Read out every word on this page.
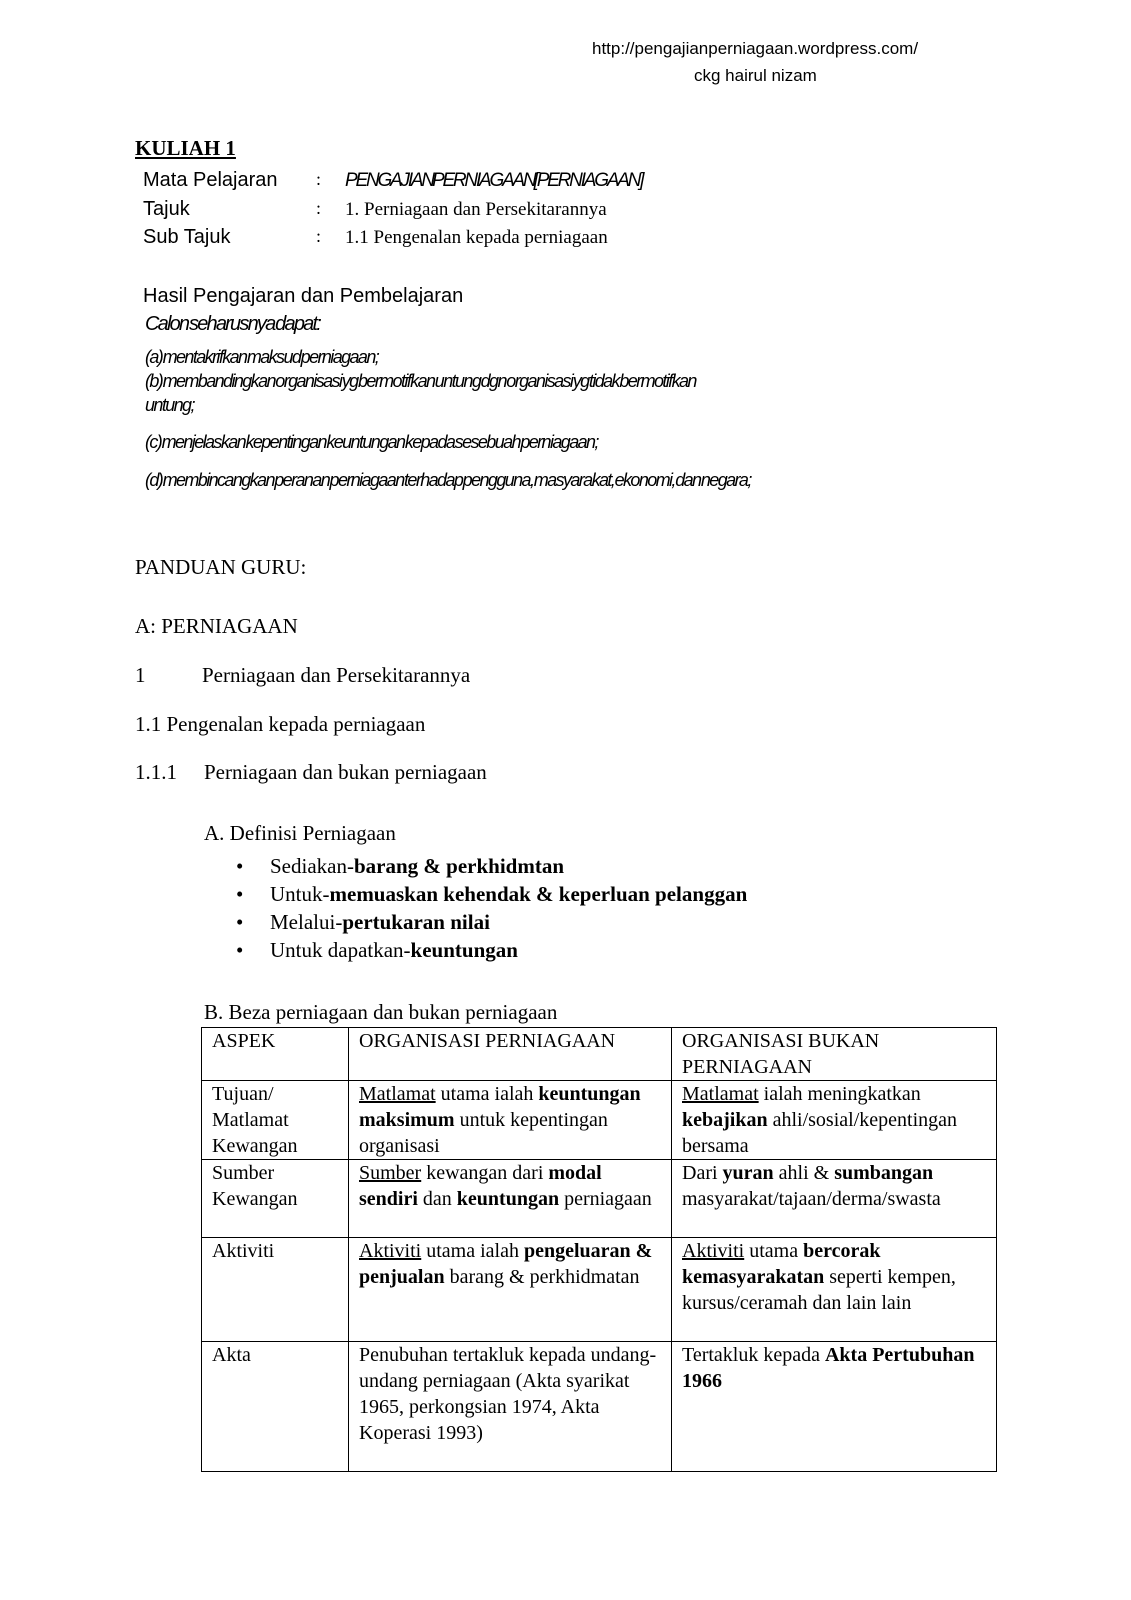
http://pengajianperniagaan.wordpress.com/
ckg hairul nizam
KULIAH 1
Mata Pelajaran : PENGAJIAN PERNIAGAAN [PERNIAGAAN]
Tajuk	: 1. Perniagaan dan Persekitarannya
Sub Tajuk	: 1.1 Pengenalan kepada perniagaan
Hasil Pengajaran dan Pembelajaran
Calon seharusnya dapat:
(a) mentakrifkan maksud perniagaan;
(b) membandingkan organisasi yg bermotifkan untung dgn organisasi yg tidak bermotifkan
untung;
(c) menjelaskan kepentingan keuntungan kepada sesebuah perniagaan;
(d) membincangkan peranan perniagaan terhadap pengguna, masyarakat, ekonomi, dan negara;
PANDUAN GURU:
A: PERNIAGAAN
1	Perniagaan dan Persekitarannya
1.1 Pengenalan kepada perniagaan
1.1.1 Perniagaan dan bukan perniagaan
A. Definisi Perniagaan
• Sediakan-barang & perkhidmtan
• Untuk-memuaskan kehendak & keperluan pelanggan
• Melalui-pertukaran nilai
• Untuk dapatkan-keuntungan
B. Beza perniagaan dan bukan perniagaan
ASPEK	ORGANISASI PERNIAGAAN	ORGANISASI BUKAN PERNIAGAAN
Tujuan/ Matlamat Kewangan	Matlamat utama ialah keuntungan maksimum untuk kepentingan organisasi	Matlamat ialah meningkatkan kebajikan ahli/sosial/kepentingan bersama
Sumber Kewangan	Sumber kewangan dari modal sendiri dan keuntungan perniagaan	Dari yuran ahli & sumbangan masyarakat/tajaan/derma/swasta
Aktiviti	Aktiviti utama ialah pengeluaran & penjualan barang & perkhidmatan	Aktiviti utama bercorak kemasyarakatan seperti kempen, kursus/ceramah dan lain lain
Akta	Penubuhan tertakluk kepada undang-undang perniagaan (Akta syarikat 1965, perkongsian 1974, Akta Koperasi 1993)	Tertakluk kepada Akta Pertubuhan 1966
